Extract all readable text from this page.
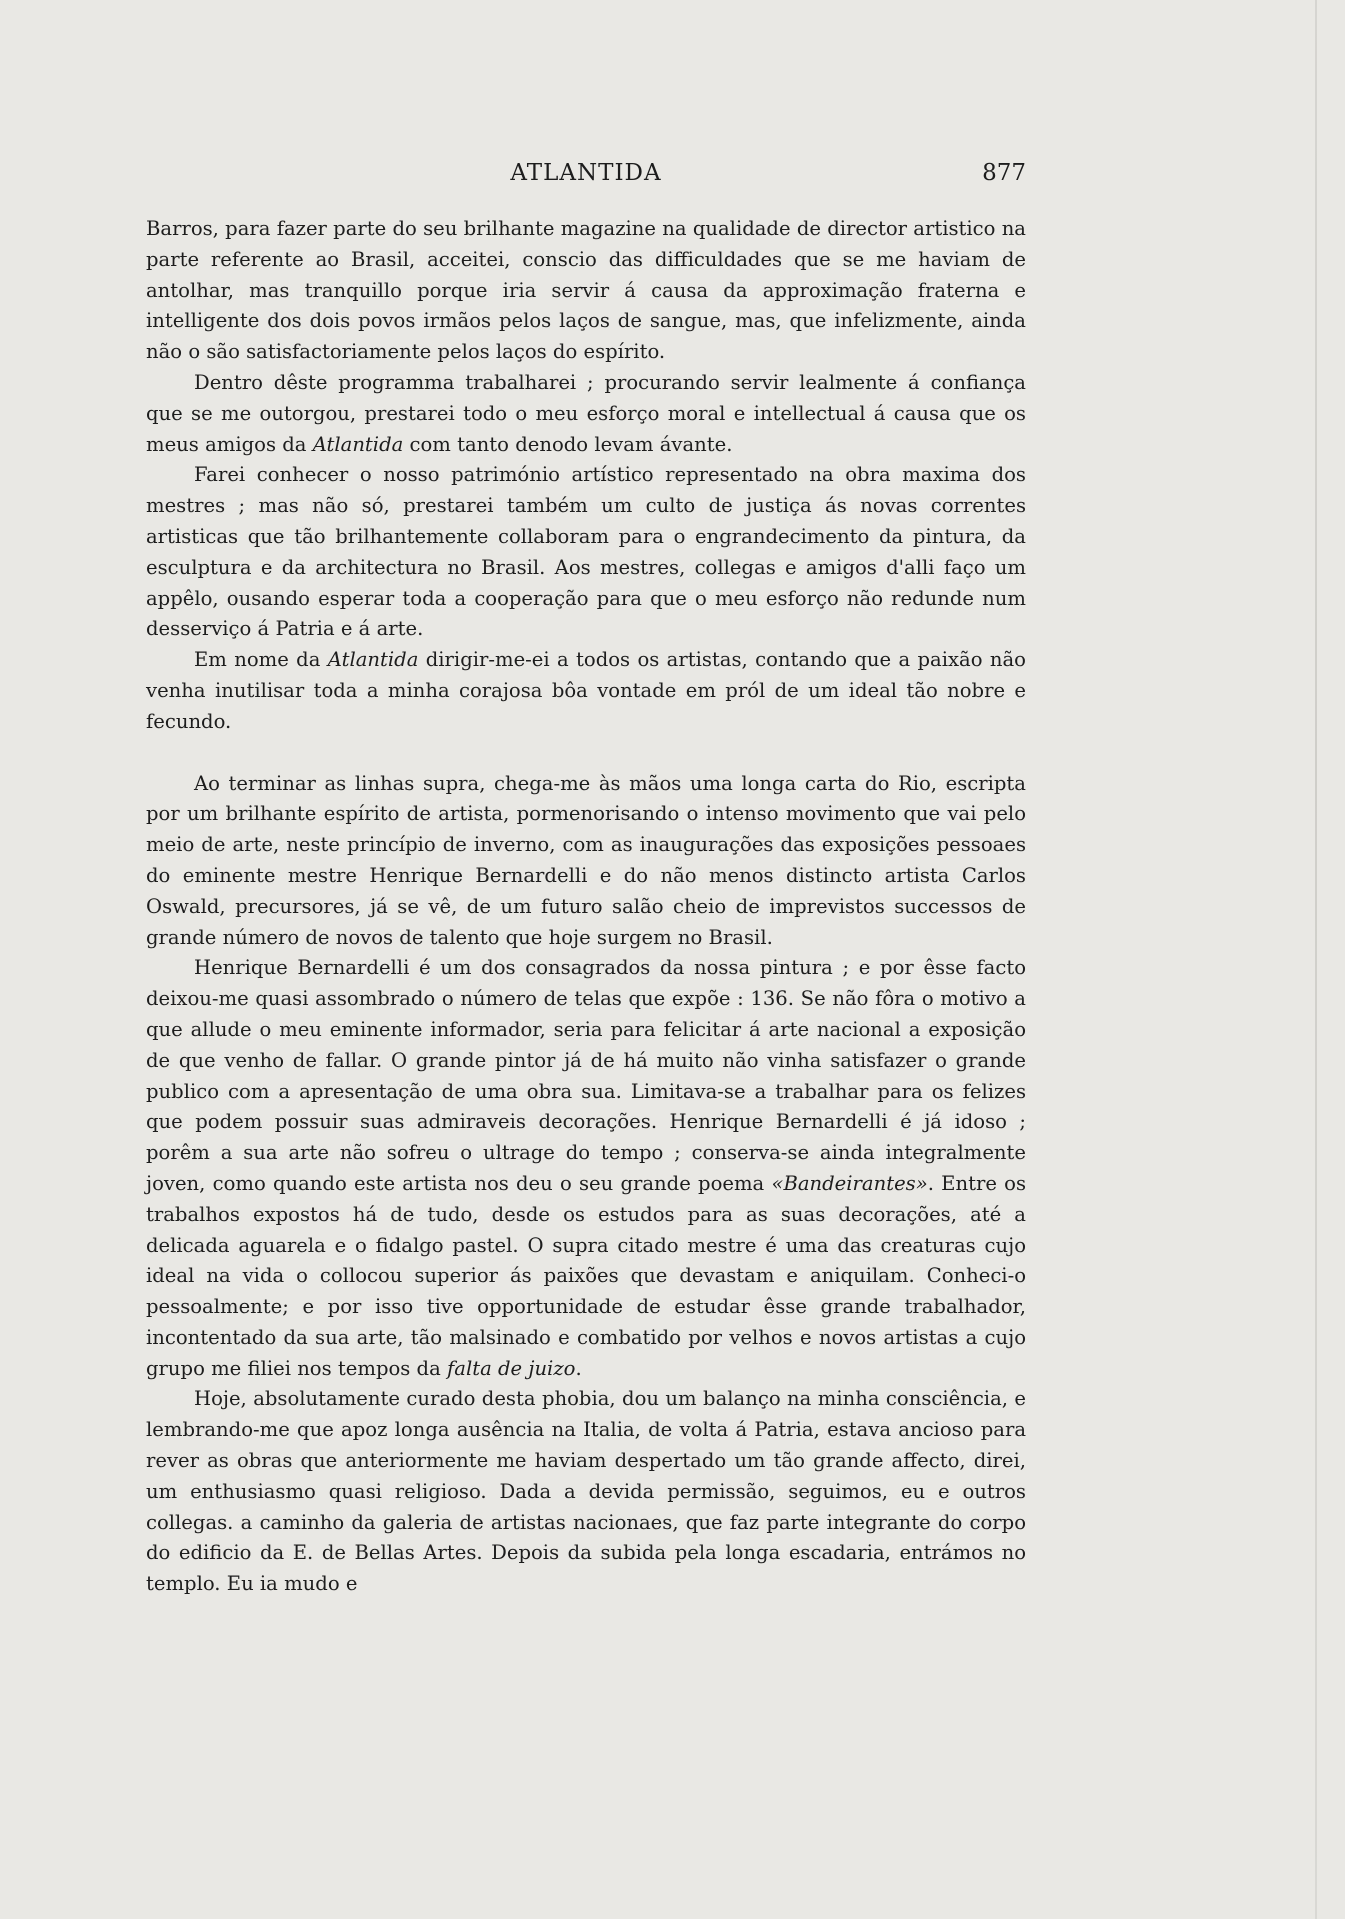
ATLANTIDA	877

Barros, para fazer parte do seu brilhante magazine na qualidade de director artistico na parte referente ao Brasil, acceitei, conscio das difficuldades que se me haviam de antolhar, mas tranquillo porque iria servir á causa da approximação fraterna e intelligente dos dois povos irmãos pelos laços de sangue, mas, que infelizmente, ainda não o são satisfactoriamente pelos laços do espírito.

Dentro dêste programma trabalharei ; procurando servir lealmente á confiança que se me outorgou, prestarei todo o meu esforço moral e intellectual á causa que os meus amigos da Atlantida com tanto denodo levam ávante.

Farei conhecer o nosso património artístico representado na obra maxima dos mestres ; mas não só, prestarei também um culto de justiça ás novas correntes artisticas que tão brilhantemente collaboram para o engrandecimento da pintura, da esculptura e da architectura no Brasil. Aos mestres, collegas e amigos d'alli faço um appêlo, ousando esperar toda a cooperação para que o meu esforço não redunde num desserviço á Patria e á arte.

Em nome da Atlantida dirigir-me-ei a todos os artistas, contando que a paixão não venha inutilisar toda a minha corajosa bôa vontade em pról de um ideal tão nobre e fecundo.

Ao terminar as linhas supra, chega-me às mãos uma longa carta do Rio, escripta por um brilhante espírito de artista, pormenorisando o intenso movimento que vai pelo meio de arte, neste princípio de inverno, com as inaugurações das exposições pessoaes do eminente mestre Henrique Bernardelli e do não menos distincto artista Carlos Oswald, precursores, já se vê, de um futuro salão cheio de imprevistos successos de grande número de novos de talento que hoje surgem no Brasil.

Henrique Bernardelli é um dos consagrados da nossa pintura ; e por êsse facto deixou-me quasi assombrado o número de telas que expõe : 136. Se não fôra o motivo a que allude o meu eminente informador, seria para felicitar á arte nacional a exposição de que venho de fallar. O grande pintor já de há muito não vinha satisfazer o grande publico com a apresentação de uma obra sua. Limitava-se a trabalhar para os felizes que podem possuir suas admiraveis decorações. Henrique Bernardelli é já idoso ; porêm a sua arte não sofreu o ultrage do tempo ; conserva-se ainda integralmente joven, como quando este artista nos deu o seu grande poema «Bandeirantes». Entre os trabalhos expostos há de tudo, desde os estudos para as suas decorações, até a delicada aguarela e o fidalgo pastel. O supra citado mestre é uma das creaturas cujo ideal na vida o collocou superior ás paixões que devastam e aniquilam. Conheci-o pessoalmente; e por isso tive opportunidade de estudar êsse grande trabalhador, incontentado da sua arte, tão malsinado e combatido por velhos e novos artistas a cujo grupo me filiei nos tempos da falta de juizo.

Hoje, absolutamente curado desta phobia, dou um balanço na minha consciência, e lembrando-me que apoz longa ausência na Italia, de volta á Patria, estava ancioso para rever as obras que anteriormente me haviam despertado um tão grande affecto, direi, um enthusiasmo quasi religioso. Dada a devida permissão, seguimos, eu e outros collegas. a caminho da galeria de artistas nacionaes, que faz parte integrante do corpo do edificio da E. de Bellas Artes. Depois da subida pela longa escadaria, entrámos no templo. Eu ia mudo e
